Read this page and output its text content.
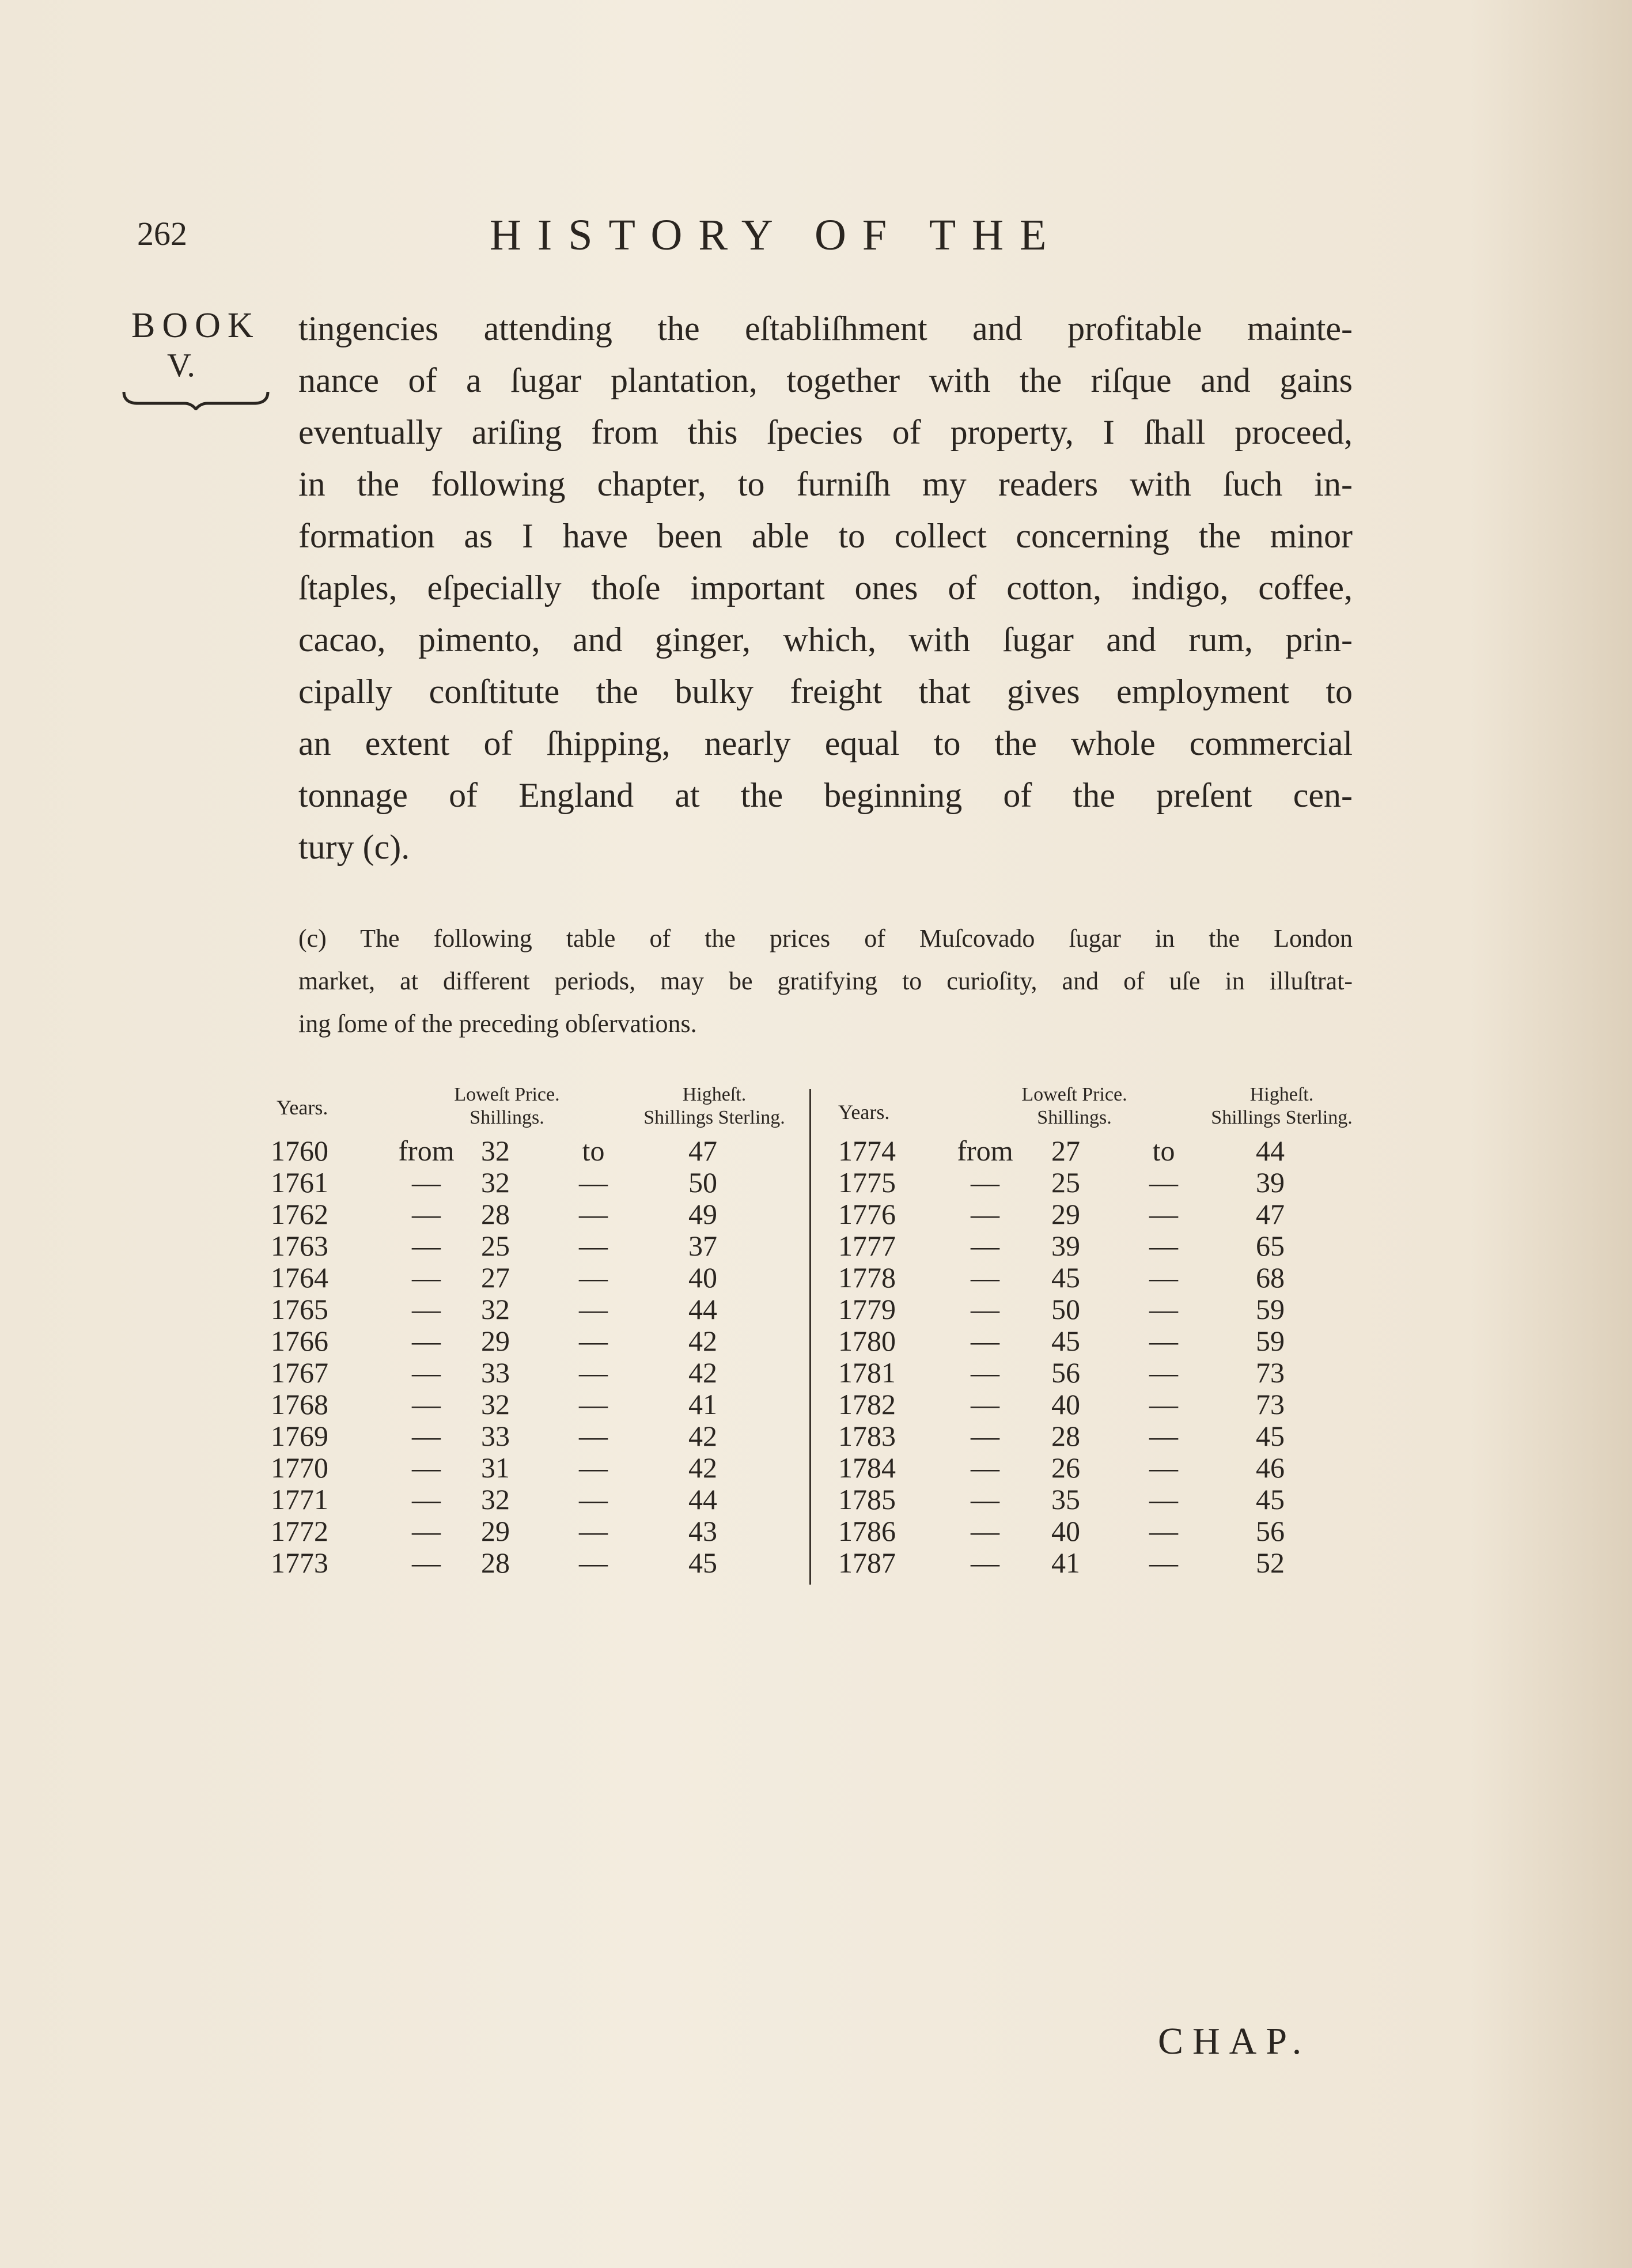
262	HISTORY OF THE
BOOK
V.
tingencies attending the eſtabliſhment and profitable mainte-
nance of a ſugar plantation, together with the riſque and gains
eventually ariſing from this ſpecies of property, I ſhall proceed,
in the following chapter, to furniſh my readers with ſuch in-
formation as I have been able to collect concerning the minor
ſtaples, eſpecially thoſe important ones of cotton, indigo, coffee,
cacao, pimento, and ginger, which, with ſugar and rum, prin-
cipally conſtitute the bulky freight that gives employment to
an extent of ſhipping, nearly equal to the whole commercial
tonnage of England at the beginning of the preſent cen-
tury (c).
(c) The following table of the prices of Muſcovado ſugar in the London
market, at different periods, may be gratifying to curioſity, and of uſe in illuſtrat-
ing ſome of the preceding obſervations.
Years.
Loweſt Price.
Shillings.
Higheſt.
Shillings Sterling.
1760	from 32	to	47
1761	—	32	—	50
1762	—	28	—	49
1763	—	25	—	37
1764	—	27	—	40
1765	—	32	—	44
1766	—	29	—	42
1767	—	33	—	42
1768	—	32	—	41
1769	—	33	—	42
1770	—	31	—	42
1771	—	32	—	44
1772	—	29	—	43
1773	—	28	—	45
Years.
Loweſt Price.
Shillings.
Higheſt.
Shillings Sterling.
1774	from	27	to	44
1775	—	25	—	39
1776	—	29	—	47
1777	—	39	—	65
1778	—	45	—	68
1779	—	50	—	59
1780	—	45	—	59
1781	—	56	—	73
1782	—	40	—	73
1783	—	28	—	45
1784	—	26	—	46
1785	—	35	—	45
1786	—	40	—	56
1787	—	41	—	52
CHAP.
